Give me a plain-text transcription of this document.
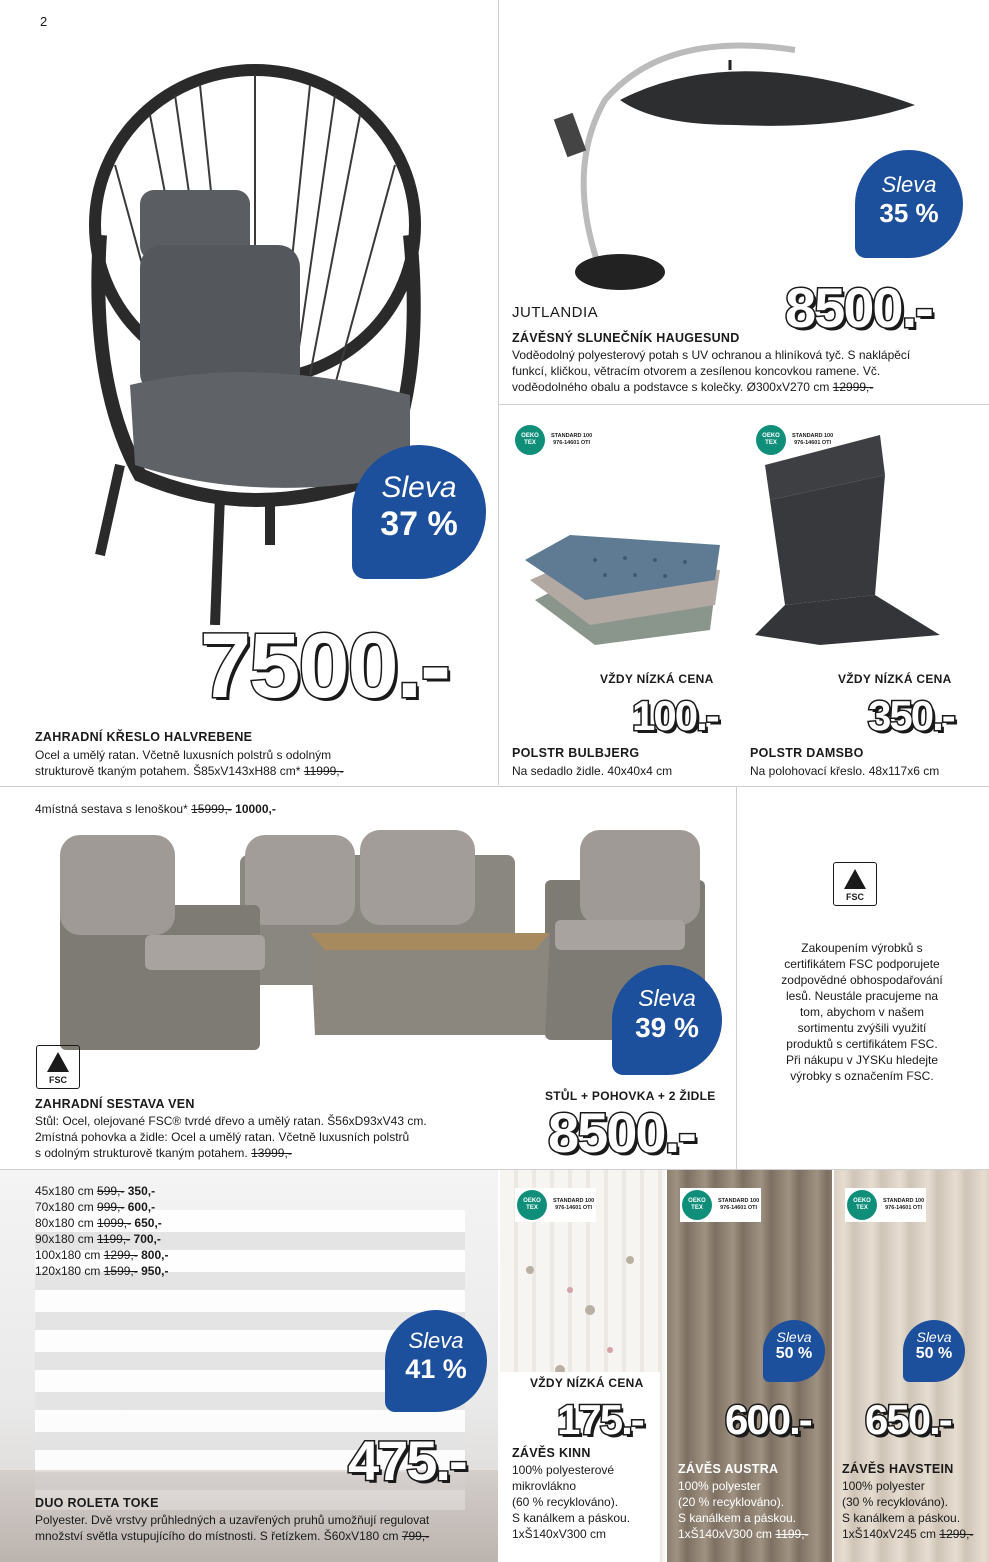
2
Sleva
37 %
7500.-
ZAHRADNÍ KŘESLO HALVREBENE
Ocel a umělý ratan. Včetně luxusních polstrů s odolným
strukturově tkaným potahem. Š85xV143xH88 cm* 11999,-
JUTLANDIA
Sleva
35 %
8500.-
ZÁVĚSNÝ SLUNEČNÍK HAUGESUND
Voděodolný polyesterový potah s UV ochranou a hliníková tyč. S naklápěcí
funkcí, kličkou, větracím otvorem a zesílenou koncovkou ramene. Vč.
voděodolného obalu a podstavce s kolečky. Ø300xV270 cm 12999,-
OEKO TEX
STANDARD 100
976-14601 OTI
VŽDY NÍZKÁ CENA
100.-
POLSTR BULBJERG
Na sedadlo židle. 40x40x4 cm
OEKO TEX
STANDARD 100
976-14601 OTI
VŽDY NÍZKÁ CENA
350.-
POLSTR DAMSBO
Na polohovací křeslo. 48x117x6 cm
4místná sestava s lenoškou* 15999,- 10000,-
FSC
Sleva
39 %
STŮL + POHOVKA + 2 ŽIDLE
8500.-
ZAHRADNÍ SESTAVA VEN
Stůl: Ocel, olejované FSC® tvrdé dřevo a umělý ratan. Š56xD93xV43 cm.
2místná pohovka a židle: Ocel a umělý ratan. Včetně luxusních polstrů
s odolným strukturově tkaným potahem. 13999,-
FSC
Zakoupením výrobků s
certifikátem FSC podporujete
zodpovědné obhospodařování
lesů. Neustále pracujeme na
tom, abychom v našem
sortimentu zvýšili využití
produktů s certifikátem FSC.
Při nákupu v JYSKu hledejte
výrobky s označením FSC.
45x180 cm 599,- 350,-
70x180 cm 999,- 600,-
80x180 cm 1099,- 650,-
90x180 cm 1199,- 700,-
100x180 cm 1299,- 800,-
120x180 cm 1599,- 950,-
Sleva
41 %
475.-
DUO ROLETA TOKE
Polyester. Dvě vrstvy průhledných a uzavřených pruhů umožňují regulovat
množství světla vstupujícího do místnosti. S řetízkem. Š60xV180 cm 799,-
OEKO TEX
STANDARD 100
976-14601 OTI
VŽDY NÍZKÁ CENA
175.-
ZÁVĚS KINN
100% polyesterové
mikrovlákno
(60 % recyklováno).
S kanálkem a páskou.
1xŠ140xV300 cm
OEKO TEX
STANDARD 100
976-14601 OTI
Sleva
50 %
600.-
ZÁVĚS AUSTRA
100% polyester
(20 % recyklováno).
S kanálkem a páskou.
1xŠ140xV300 cm 1199,-
OEKO TEX
STANDARD 100
976-14601 OTI
Sleva
50 %
650.-
ZÁVĚS HAVSTEIN
100% polyester
(30 % recyklováno).
S kanálkem a páskou.
1xŠ140xV245 cm 1299,-
